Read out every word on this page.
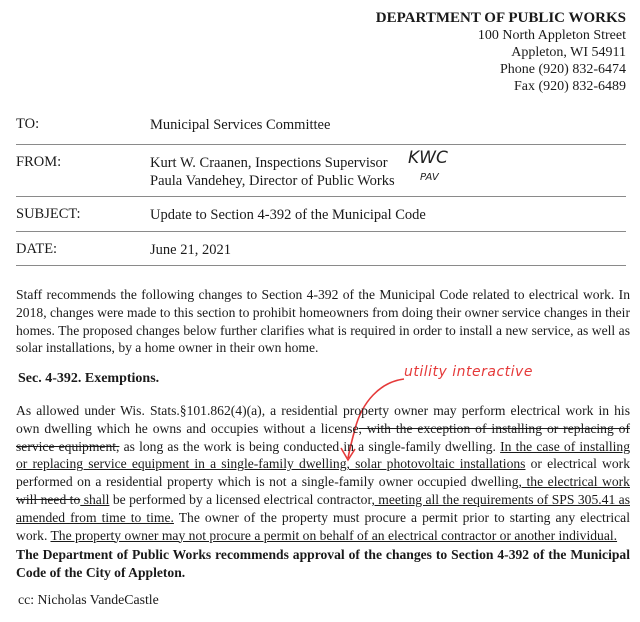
DEPARTMENT OF PUBLIC WORKS
100 North Appleton Street
Appleton, WI 54911
Phone (920) 832-6474
Fax (920) 832-6489
TO:	Municipal Services Committee
FROM:	Kurt W. Craanen, Inspections Supervisor
Paula Vandehey, Director of Public Works
KWC
PAV
SUBJECT:	Update to Section 4-392 of the Municipal Code
DATE:	June 21, 2021
Staff recommends the following changes to Section 4-392 of the Municipal Code related to electrical work. In 2018, changes were made to this section to prohibit homeowners from doing their owner service changes in their homes. The proposed changes below further clarifies what is required in order to install a new service, as well as solar installations, by a home owner in their own home.
Sec. 4-392. Exemptions.	utility interactive
As allowed under Wis. Stats.§101.862(4)(a), a residential property owner may perform electrical work in his own dwelling which he owns and occupies without a license, with the exception of installing or replacing of service equipment, as long as the work is being conducted in a single-family dwelling. In the case of installing or replacing service equipment in a single-family dwelling, solar photovoltaic installations or electrical work performed on a residential property which is not a single-family owner occupied dwelling, the electrical work will need to shall be performed by a licensed electrical contractor, meeting all the requirements of SPS 305.41 as amended from time to time. The owner of the property must procure a permit prior to starting any electrical work. The property owner may not procure a permit on behalf of an electrical contractor or another individual.
The Department of Public Works recommends approval of the changes to Section 4-392 of the Municipal Code of the City of Appleton.
cc: Nicholas VandeCastle
